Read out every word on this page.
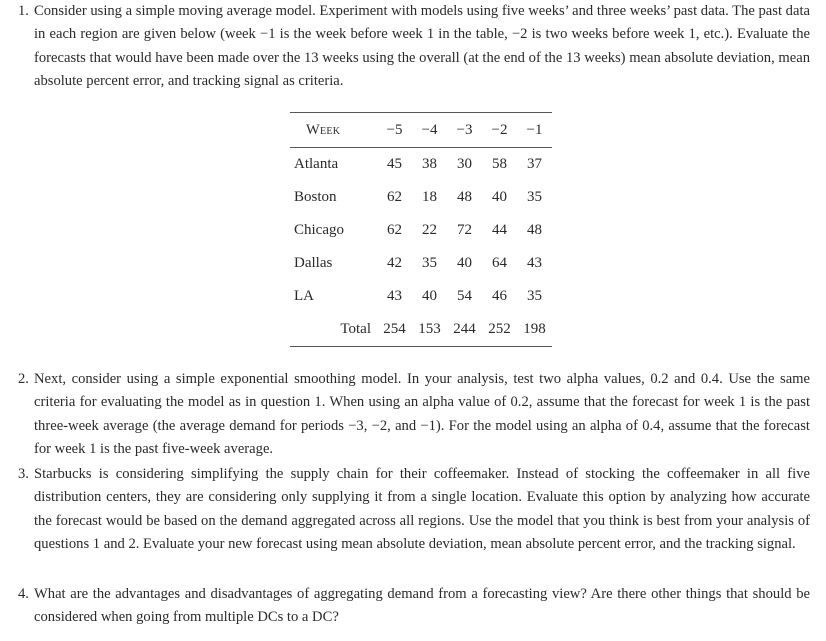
1. Consider using a simple moving average model. Experiment with models using five weeks’ and three weeks’ past data. The past data in each region are given below (week −1 is the week before week 1 in the table, −2 is two weeks before week 1, etc.). Evaluate the forecasts that would have been made over the 13 weeks using the overall (at the end of the 13 weeks) mean absolute deviation, mean absolute percent error, and tracking signal as criteria.
Week	−5	−4	−3	−2	−1
Atlanta	45	38	30	58	37
Boston	62	18	48	40	35
Chicago	62	22	72	44	48
Dallas	42	35	40	64	43
LA	43	40	54	46	35
Total	254	153	244	252	198
2. Next, consider using a simple exponential smoothing model. In your analysis, test two alpha values, 0.2 and 0.4. Use the same criteria for evaluating the model as in question 1. When using an alpha value of 0.2, assume that the forecast for week 1 is the past three-week average (the average demand for periods −3, −2, and −1). For the model using an alpha of 0.4, assume that the forecast for week 1 is the past five-week average.
3. Starbucks is considering simplifying the supply chain for their coffeemaker. Instead of stocking the coffeemaker in all five distribution centers, they are considering only supplying it from a single location. Evaluate this option by analyzing how accurate the forecast would be based on the demand aggregated across all regions. Use the model that you think is best from your analysis of questions 1 and 2. Evaluate your new forecast using mean absolute deviation, mean absolute percent error, and the tracking signal.
4. What are the advantages and disadvantages of aggregating demand from a forecasting view? Are there other things that should be considered when going from multiple DCs to a DC?
